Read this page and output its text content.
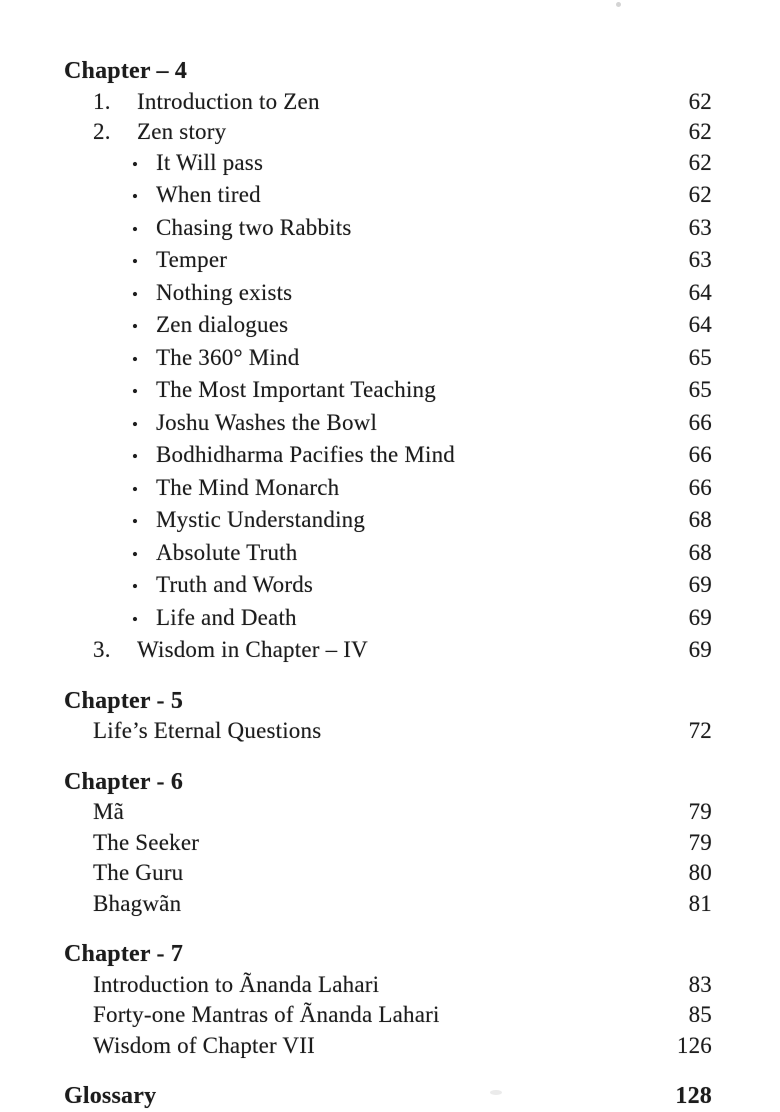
Chapter – 4
1.	Introduction to Zen	62
2.	Zen story	62
• It Will pass	62
• When tired	62
• Chasing two Rabbits	63
• Temper	63
• Nothing exists	64
• Zen dialogues	64
• The 360° Mind	65
• The Most Important Teaching	65
• Joshu Washes the Bowl	66
• Bodhidharma Pacifies the Mind	66
• The Mind Monarch	66
• Mystic Understanding	68
• Absolute Truth	68
• Truth and Words	69
• Life and Death	69
3.	Wisdom in Chapter – IV	69
Chapter - 5
Life’s Eternal Questions	72
Chapter - 6
Mã	79
The Seeker	79
The Guru	80
Bhagwãn	81
Chapter - 7
Introduction to Ãnanda Lahari	83
Forty-one Mantras of Ãnanda Lahari	85
Wisdom of Chapter VII	126
Glossary	128
